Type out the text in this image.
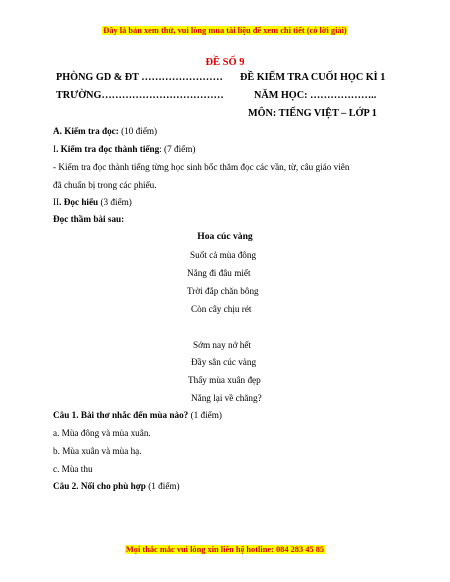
Đây là bản xem thử, vui lòng mua tài liệu để xem chi tiết (có lời giải)
ĐỀ SỐ 9
PHÒNG GD & ĐT ……………………
TRƯỜNG………………………………
ĐỀ KIỂM TRA CUỐI HỌC KÌ 1
NĂM HỌC: ………………..
MÔN: TIẾNG VIỆT – LỚP 1
A. Kiểm tra đọc: (10 điểm)
I. Kiểm tra đọc thành tiếng: (7 điểm)
- Kiểm tra đọc thành tiếng từng học sinh bốc thăm đọc các vần, từ, câu giáo viên
đã chuẩn bị trong các phiếu.
II. Đọc hiểu (3 điểm)
Đọc thầm bài sau:
Hoa cúc vàng
Suốt cả mùa đông
Nắng đi đâu miết
Trời đắp chăn bông
Còn cây chịu rét
Sớm nay nở hết
Đầy sân cúc vàng
Thấy mùa xuân đẹp
Nắng lại về chăng?
Câu 1. Bài thơ nhắc đến mùa nào? (1 điểm)
a. Mùa đông và mùa xuân.
b. Mùa xuân và mùa hạ.
c. Mùa thu
Câu 2. Nối cho phù hợp (1 điểm)
Mọi thắc mắc vui lòng xin liên hệ hotline: 084 283 45 85
